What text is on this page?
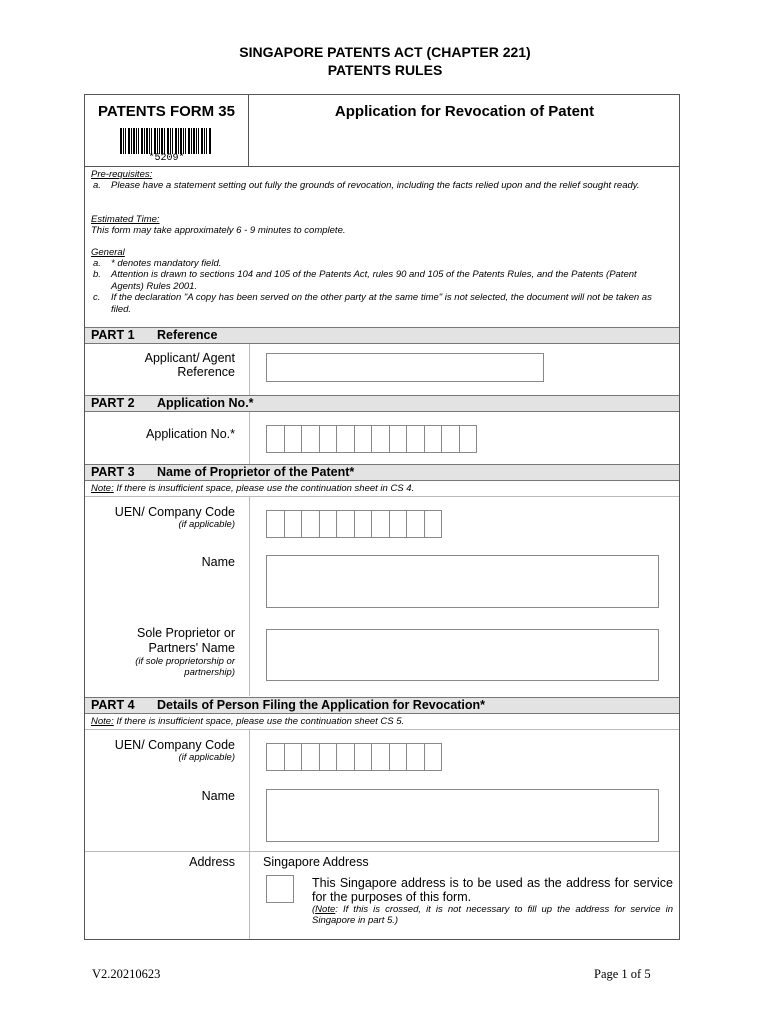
SINGAPORE PATENTS ACT (CHAPTER 221)
PATENTS RULES
PATENTS FORM 35	Application for Revocation of Patent
*5209*
Pre-requisites:
a. Please have a statement setting out fully the grounds of revocation, including the facts relied upon and the relief sought ready.
Estimated Time:
This form may take approximately 6 - 9 minutes to complete.
General
a. * denotes mandatory field.
b. Attention is drawn to sections 104 and 105 of the Patents Act, rules 90 and 105 of the Patents Rules, and the Patents (Patent Agents) Rules 2001.
c. If the declaration "A copy has been served on the other party at the same time" is not selected, the document will not be taken as filed.
PART 1 Reference
Applicant/ Agent
Reference
PART 2 Application No.*
Application No.*
PART 3 Name of Proprietor of the Patent*
Note: If there is insufficient space, please use the continuation sheet in CS 4.
UEN/ Company Code
(if applicable)
Name
Sole Proprietor or
Partners' Name
(if sole proprietorship or
partnership)
PART 4 Details of Person Filing the Application for Revocation*
Note: If there is insufficient space, please use the continuation sheet CS 5.
UEN/ Company Code
(if applicable)
Name
Address Singapore Address
This Singapore address is to be used as the address for service for the purposes of this form.
(Note: If this is crossed, it is not necessary to fill up the address for service in Singapore in part 5.)
V2.20210623	Page 1 of 5
